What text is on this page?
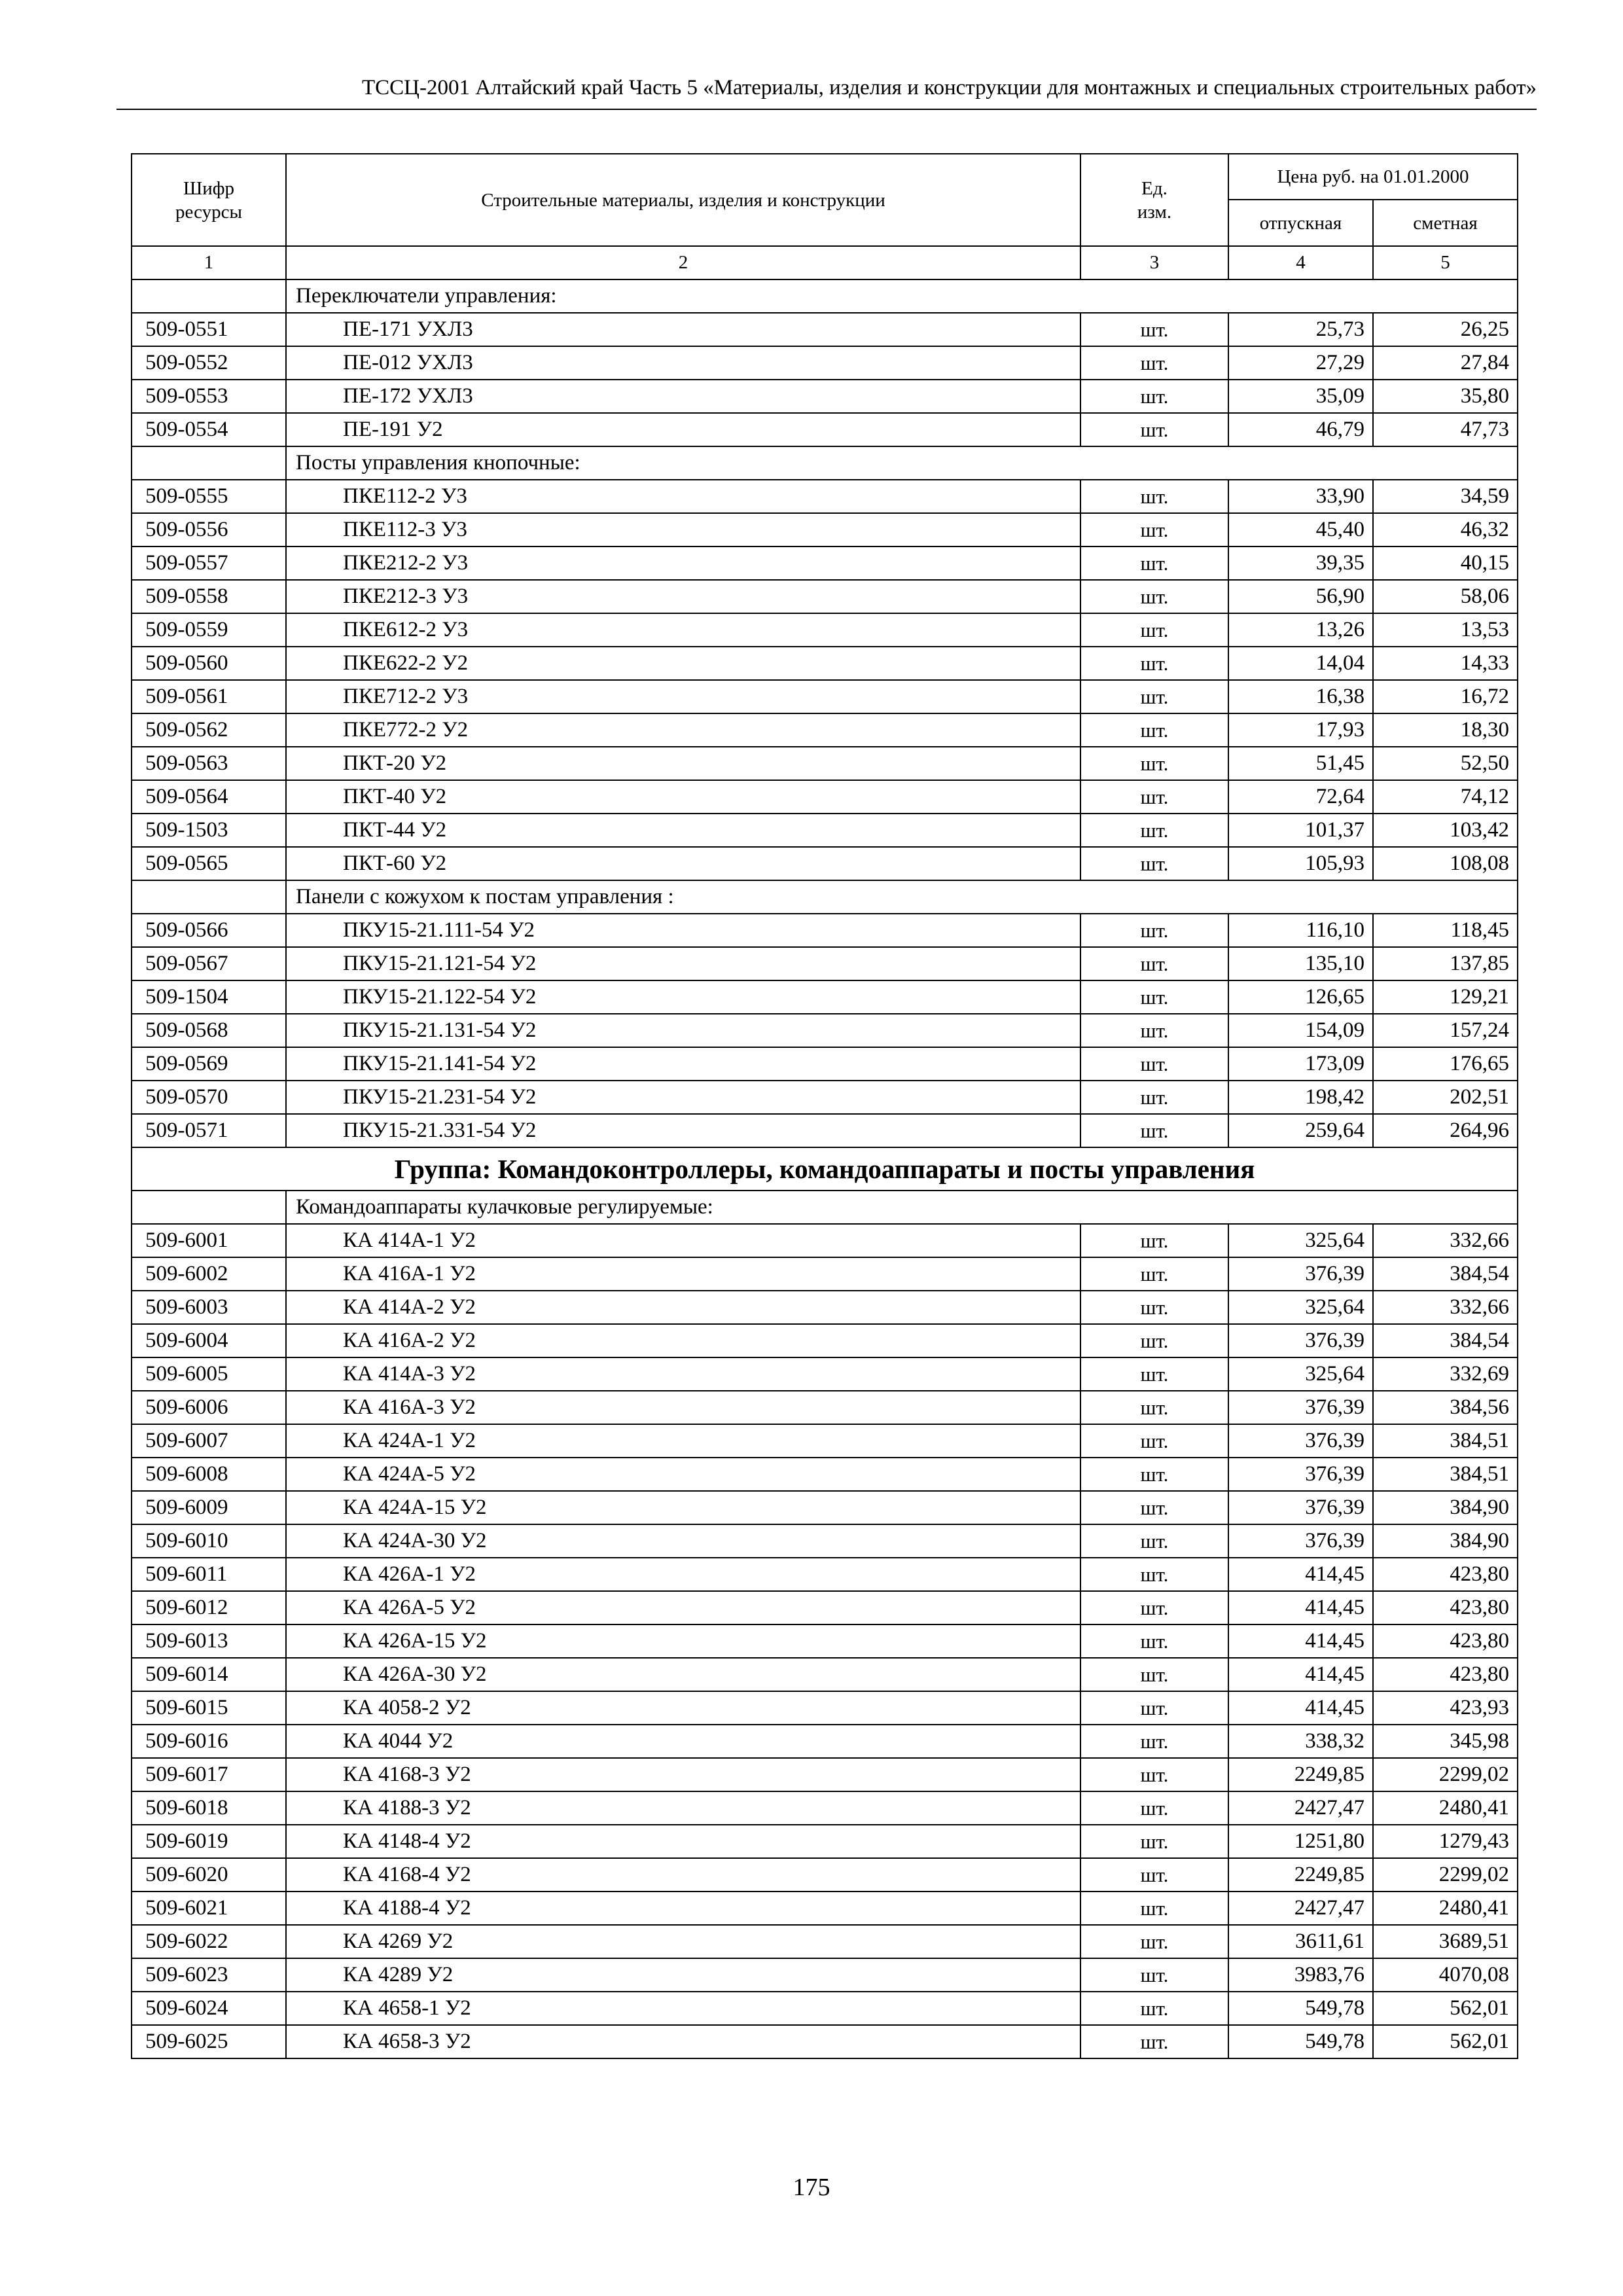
ТССЦ-2001 Алтайский край Часть 5 «Материалы, изделия и конструкции для монтажных и специальных строительных работ»
Шифр ресурсы	Строительные материалы, изделия и конструкции	Ед. изм.	Цена руб. на 01.01.2000	
			отпускная	сметная
1	2	3	4	5
	Переключатели управления:			
509-0551	ПЕ-171 УХЛ3	шт.	25,73	26,25
509-0552	ПЕ-012 УХЛ3	шт.	27,29	27,84
509-0553	ПЕ-172 УХЛ3	шт.	35,09	35,80
509-0554	ПЕ-191 У2	шт.	46,79	47,73
	Посты управления кнопочные:			
509-0555	ПКЕ112-2 У3	шт.	33,90	34,59
509-0556	ПКЕ112-3 У3	шт.	45,40	46,32
509-0557	ПКЕ212-2 У3	шт.	39,35	40,15
509-0558	ПКЕ212-3 У3	шт.	56,90	58,06
509-0559	ПКЕ612-2 У3	шт.	13,26	13,53
509-0560	ПКЕ622-2 У2	шт.	14,04	14,33
509-0561	ПКЕ712-2 У3	шт.	16,38	16,72
509-0562	ПКЕ772-2 У2	шт.	17,93	18,30
509-0563	ПКТ-20 У2	шт.	51,45	52,50
509-0564	ПКТ-40 У2	шт.	72,64	74,12
509-1503	ПКТ-44 У2	шт.	101,37	103,42
509-0565	ПКТ-60 У2	шт.	105,93	108,08
	Панели с кожухом к постам управления :			
509-0566	ПКУ15-21.111-54 У2	шт.	116,10	118,45
509-0567	ПКУ15-21.121-54 У2	шт.	135,10	137,85
509-1504	ПКУ15-21.122-54 У2	шт.	126,65	129,21
509-0568	ПКУ15-21.131-54 У2	шт.	154,09	157,24
509-0569	ПКУ15-21.141-54 У2	шт.	173,09	176,65
509-0570	ПКУ15-21.231-54 У2	шт.	198,42	202,51
509-0571	ПКУ15-21.331-54 У2	шт.	259,64	264,96
Группа: Командоконтроллеры, командоаппараты и посты управления				
	Командоаппараты кулачковые регулируемые:			
509-6001	КА 414А-1 У2	шт.	325,64	332,66
509-6002	КА 416А-1 У2	шт.	376,39	384,54
509-6003	КА 414А-2 У2	шт.	325,64	332,66
509-6004	КА 416А-2 У2	шт.	376,39	384,54
509-6005	КА 414А-3 У2	шт.	325,64	332,69
509-6006	КА 416А-3 У2	шт.	376,39	384,56
509-6007	КА 424А-1 У2	шт.	376,39	384,51
509-6008	КА 424А-5 У2	шт.	376,39	384,51
509-6009	КА 424А-15 У2	шт.	376,39	384,90
509-6010	КА 424А-30 У2	шт.	376,39	384,90
509-6011	КА 426А-1 У2	шт.	414,45	423,80
509-6012	КА 426А-5 У2	шт.	414,45	423,80
509-6013	КА 426А-15 У2	шт.	414,45	423,80
509-6014	КА 426А-30 У2	шт.	414,45	423,80
509-6015	КА 4058-2 У2	шт.	414,45	423,93
509-6016	КА 4044 У2	шт.	338,32	345,98
509-6017	КА 4168-3 У2	шт.	2249,85	2299,02
509-6018	КА 4188-3 У2	шт.	2427,47	2480,41
509-6019	КА 4148-4 У2	шт.	1251,80	1279,43
509-6020	КА 4168-4 У2	шт.	2249,85	2299,02
509-6021	КА 4188-4 У2	шт.	2427,47	2480,41
509-6022	КА 4269 У2	шт.	3611,61	3689,51
509-6023	КА 4289 У2	шт.	3983,76	4070,08
509-6024	КА 4658-1 У2	шт.	549,78	562,01
509-6025	КА 4658-3 У2	шт.	549,78	562,01
175
